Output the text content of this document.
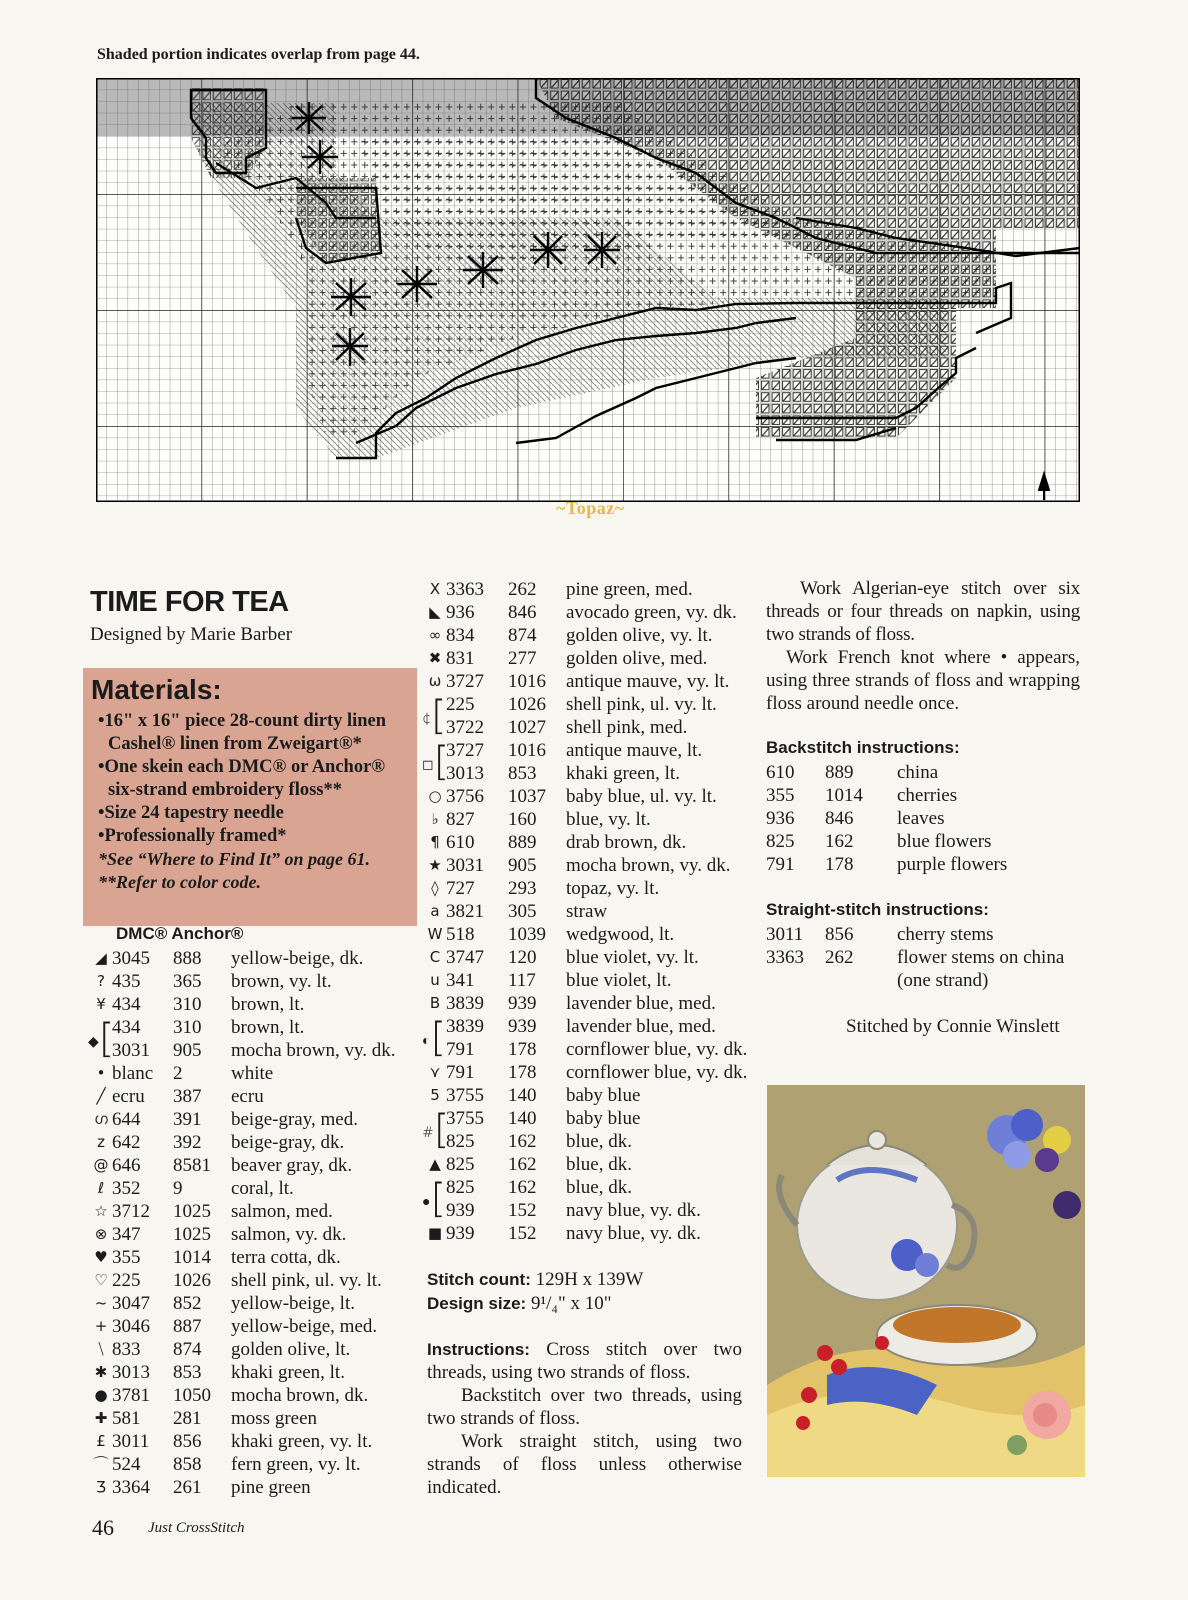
Shaded portion indicates overlap from page 44.
~Topaz~
TIME FOR TEA
Designed by Marie Barber
Materials:
•16" x 16" piece 28-count dirty linen Cashel® linen from Zweigart®*
•One skein each DMC® or Anchor® six-strand embroidery floss**
•Size 24 tapestry needle
•Professionally framed*
*See “Where to Find It” on page 61.
**Refer to color code.
DMC® Anchor®
◢ 3045 888 yellow-beige, dk.
? 435 365 brown, vy. lt.
¥ 434 310 brown, lt.
434 310 brown, lt.
3031 905 mocha brown, vy. dk.
• blanc 2	white
╱ ecru 387 ecru
ഗ 644 391 beige-gray, med.
z 642 392 beige-gray, dk.
@ 646 8581 beaver gray, dk.
ℓ 352 9	coral, lt.
☆ 3712 1025 salmon, med.
⊗ 347 1025 salmon, vy. dk.
♥ 355 1014 terra cotta, dk.
♡ 225 1026 shell pink, ul. vy. lt.
~ 3047 852 yellow-beige, lt.
+ 3046 887 yellow-beige, med.
⧹ 833 874 golden olive, lt.
✱ 3013 853 khaki green, lt.
● 3781 1050 mocha brown, dk.
✚ 581 281 moss green
£ 3011 856 khaki green, vy. lt.
⌒ 524 858 fern green, vy. lt.
Ʒ 3364 261 pine green
◆[
X 3363 262 pine green, med.
◣ 936 846 avocado green, vy. dk.
∞ 834 874 golden olive, vy. lt.
✖ 831 277 golden olive, med.
ω 3727 1016 antique mauve, vy. lt.
225 1026 shell pink, ul. vy. lt.
3722 1027 shell pink, med.
3727 1016 antique mauve, lt.
3013 853 khaki green, lt.
○ 3756 1037 baby blue, ul. vy. lt.
♭ 827 160 blue, vy. lt.
¶ 610 889 drab brown, dk.
★ 3031 905 mocha brown, vy. dk.
◊ 727 293 topaz, vy. lt.
a 3821 305 straw
W 518 1039 wedgwood, lt.
C 3747 120 blue violet, vy. lt.
u 341 117 blue violet, lt.
B 3839 939 lavender blue, med.
3839 939 lavender blue, med.
791 178 cornflower blue, vy. dk.
⋎ 791 178 cornflower blue, vy. dk.
5 3755 140 baby blue
3755 140 baby blue
825 162 blue, dk.
▲ 825 162 blue, dk.
825 162 blue, dk.
939 152 navy blue, vy. dk.
■ 939 152 navy blue, vy. dk.
¢[
◻[
◐[
#[
●[
Stitch count: 129H x 139W
Design size: 9¹/₄" x 10"
Instructions: Cross stitch over two threads, using two strands of floss.
Backstitch over two threads, using two strands of floss.
Work straight stitch, using two strands of floss unless otherwise indicated.
Work Algerian-eye stitch over six threads or four threads on napkin, using two strands of floss.
Work French knot where • appears, using three strands of floss and wrapping floss around needle once.
Backstitch instructions:
610 889 china
355 1014 cherries
936 846 leaves
825 162 blue flowers
791 178 purple flowers
Straight-stitch instructions:
3011 856 cherry stems
3363 262 flower stems on china
(one strand)
Stitched by Connie Winslett
46 Just CrossStitch
